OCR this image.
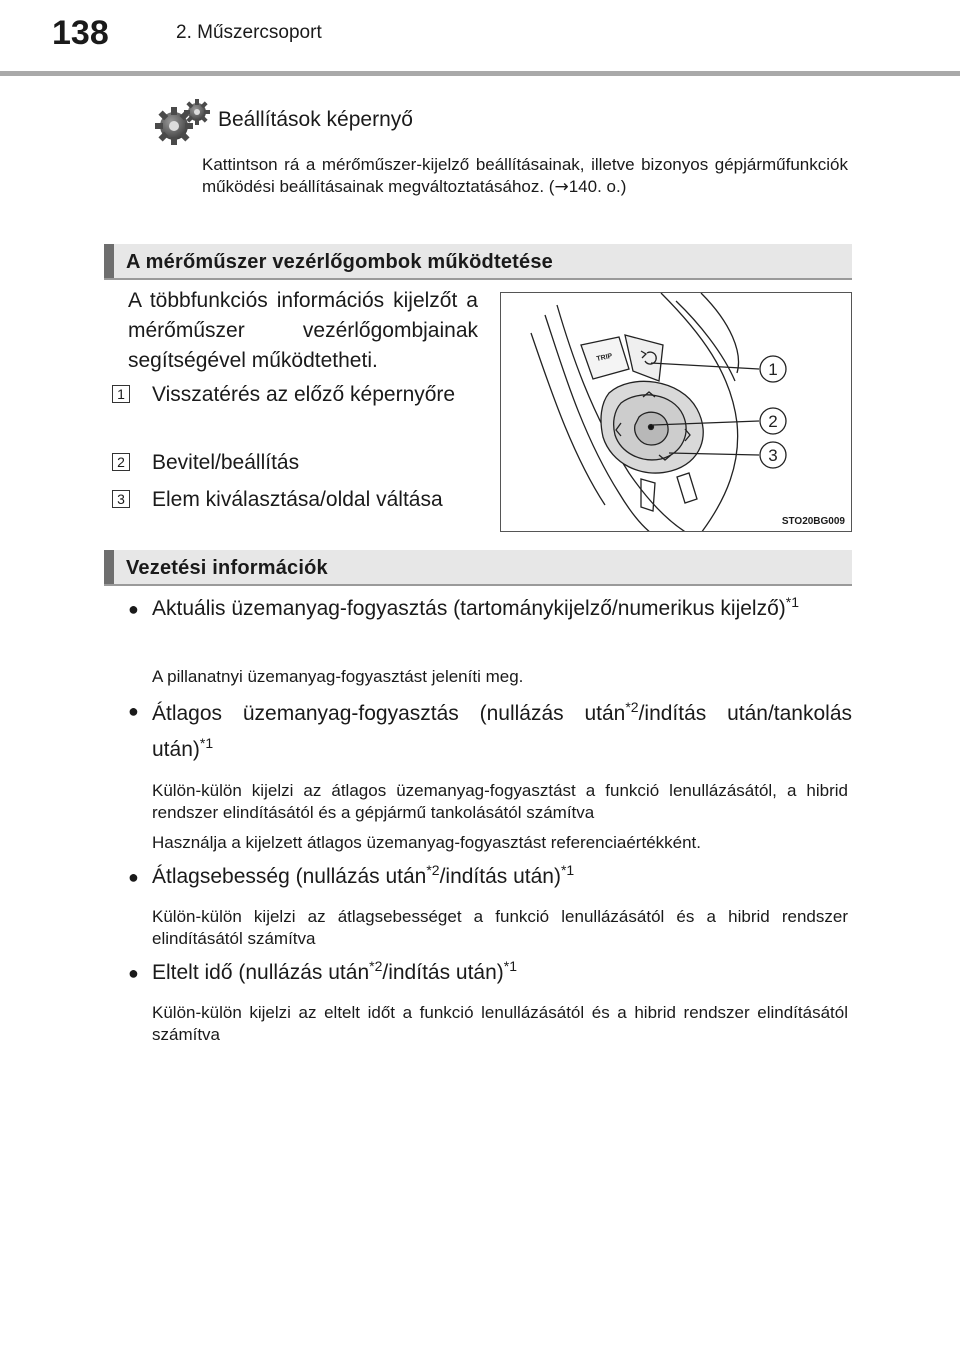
138	2. Műszercsoport
Beállítások képernyő
Kattintson rá a mérőműszer-kijelző beállításainak, illetve bizonyos gépjárműfunkciók működési beállításainak megváltoztatásához. (→140. o.)
A mérőműszer vezérlőgombok működtetése
A többfunkciós információs kijelzőt a mérőműszer vezérlőgombjainak segítségével működtetheti.
1 Visszatérés az előző képernyőre
2 Bevitel/beállítás
3 Elem kiválasztása/oldal váltása
TRIP
1
2
3
STO20BG009
Vezetési információk
● Aktuális üzemanyag-fogyasztás (tartománykijelző/numerikus kijelző)$^{*1}$
A pillanatnyi üzemanyag-fogyasztást jeleníti meg.
● Átlagos üzemanyag-fogyasztás (nullázás után$^{*2}$/indítás után/tankolás után)$^{*1}$
Külön-külön kijelzi az átlagos üzemanyag-fogyasztást a funkció lenullázásától, a hibrid rendszer elindításától és a gépjármű tankolásától számítva
Használja a kijelzett átlagos üzemanyag-fogyasztást referenciaértékként.
● Átlagsebesség (nullázás után$^{*2}$/indítás után)$^{*1}$
Külön-külön kijelzi az átlagsebességet a funkció lenullázásától és a hibrid rendszer elindításától számítva
● Eltelt idő (nullázás után$^{*2}$/indítás után)$^{*1}$
Külön-külön kijelzi az eltelt időt a funkció lenullázásától és a hibrid rendszer elindításától számítva
